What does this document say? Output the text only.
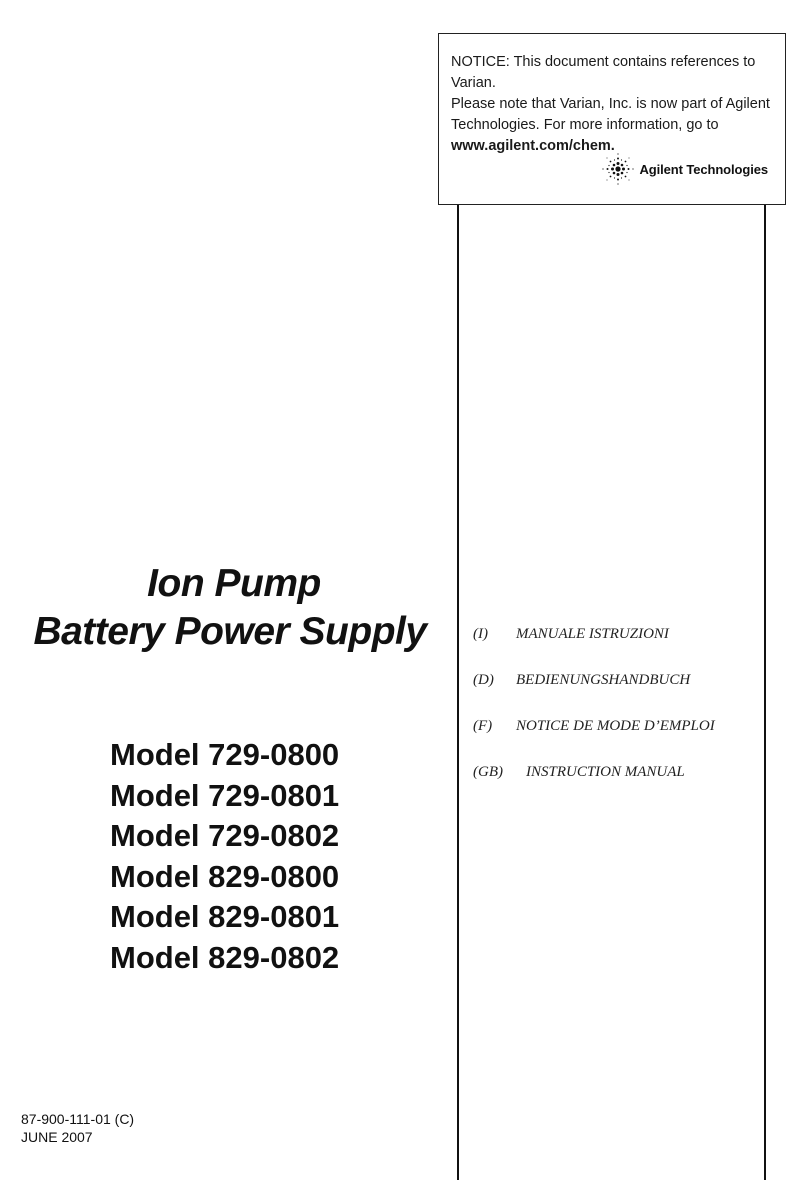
NOTICE: This document contains references to Varian.
Please note that Varian, Inc. is now part of Agilent
Technologies. For more information, go to
www.agilent.com/chem.
Agilent Technologies
Ion Pump
Battery Power Supply
Model 729-0800
Model 729-0801
Model 729-0802
Model 829-0800
Model 829-0801
Model 829-0802
(I)	MANUALE ISTRUZIONI
(D)	BEDIENUNGSHANDBUCH
(F)	NOTICE DE MODE D’EMPLOI
(GB)	INSTRUCTION MANUAL
87-900-111-01 (C)
JUNE 2007
